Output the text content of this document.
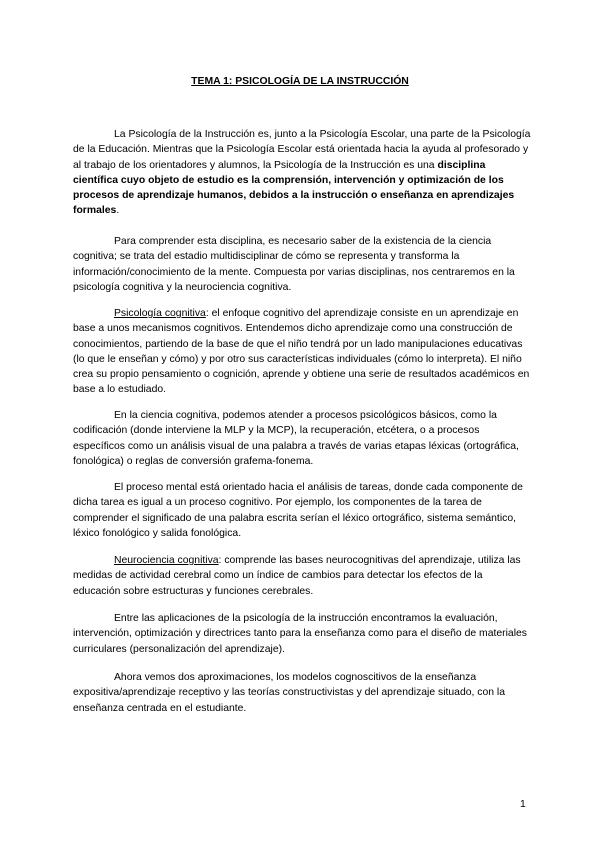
TEMA 1: PSICOLOGÍA DE LA INSTRUCCIÓN

La Psicología de la Instrucción es, junto a la Psicología Escolar, una parte de la Psicología de la Educación. Mientras que la Psicología Escolar está orientada hacia la ayuda al profesorado y al trabajo de los orientadores y alumnos, la Psicología de la Instrucción es una disciplina científica cuyo objeto de estudio es la comprensión, intervención y optimización de los procesos de aprendizaje humanos, debidos a la instrucción o enseñanza en aprendizajes formales.

Para comprender esta disciplina, es necesario saber de la existencia de la ciencia cognitiva; se trata del estadio multidisciplinar de cómo se representa y transforma la información/conocimiento de la mente. Compuesta por varias disciplinas, nos centraremos en la psicología cognitiva y la neurociencia cognitiva.

Psicología cognitiva: el enfoque cognitivo del aprendizaje consiste en un aprendizaje en base a unos mecanismos cognitivos. Entendemos dicho aprendizaje como una construcción de conocimientos, partiendo de la base de que el niño tendrá por un lado manipulaciones educativas (lo que le enseñan y cómo) y por otro sus características individuales (cómo lo interpreta). El niño crea su propio pensamiento o cognición, aprende y obtiene una serie de resultados académicos en base a lo estudiado.

En la ciencia cognitiva, podemos atender a procesos psicológicos básicos, como la codificación (donde interviene la MLP y la MCP), la recuperación, etcétera, o a procesos específicos como un análisis visual de una palabra a través de varias etapas léxicas (ortográfica, fonológica) o reglas de conversión grafema-fonema.

El proceso mental está orientado hacia el análisis de tareas, donde cada componente de dicha tarea es igual a un proceso cognitivo. Por ejemplo, los componentes de la tarea de comprender el significado de una palabra escrita serían el léxico ortográfico, sistema semántico, léxico fonológico y salida fonológica.

Neurociencia cognitiva: comprende las bases neurocognitivas del aprendizaje, utiliza las medidas de actividad cerebral como un índice de cambios para detectar los efectos de la educación sobre estructuras y funciones cerebrales.

Entre las aplicaciones de la psicología de la instrucción encontramos la evaluación, intervención, optimización y directrices tanto para la enseñanza como para el diseño de materiales curriculares (personalización del aprendizaje).

Ahora vemos dos aproximaciones, los modelos cognoscitivos de la enseñanza expositiva/aprendizaje receptivo y las teorías constructivistas y del aprendizaje situado, con la enseñanza centrada en el estudiante.

1
